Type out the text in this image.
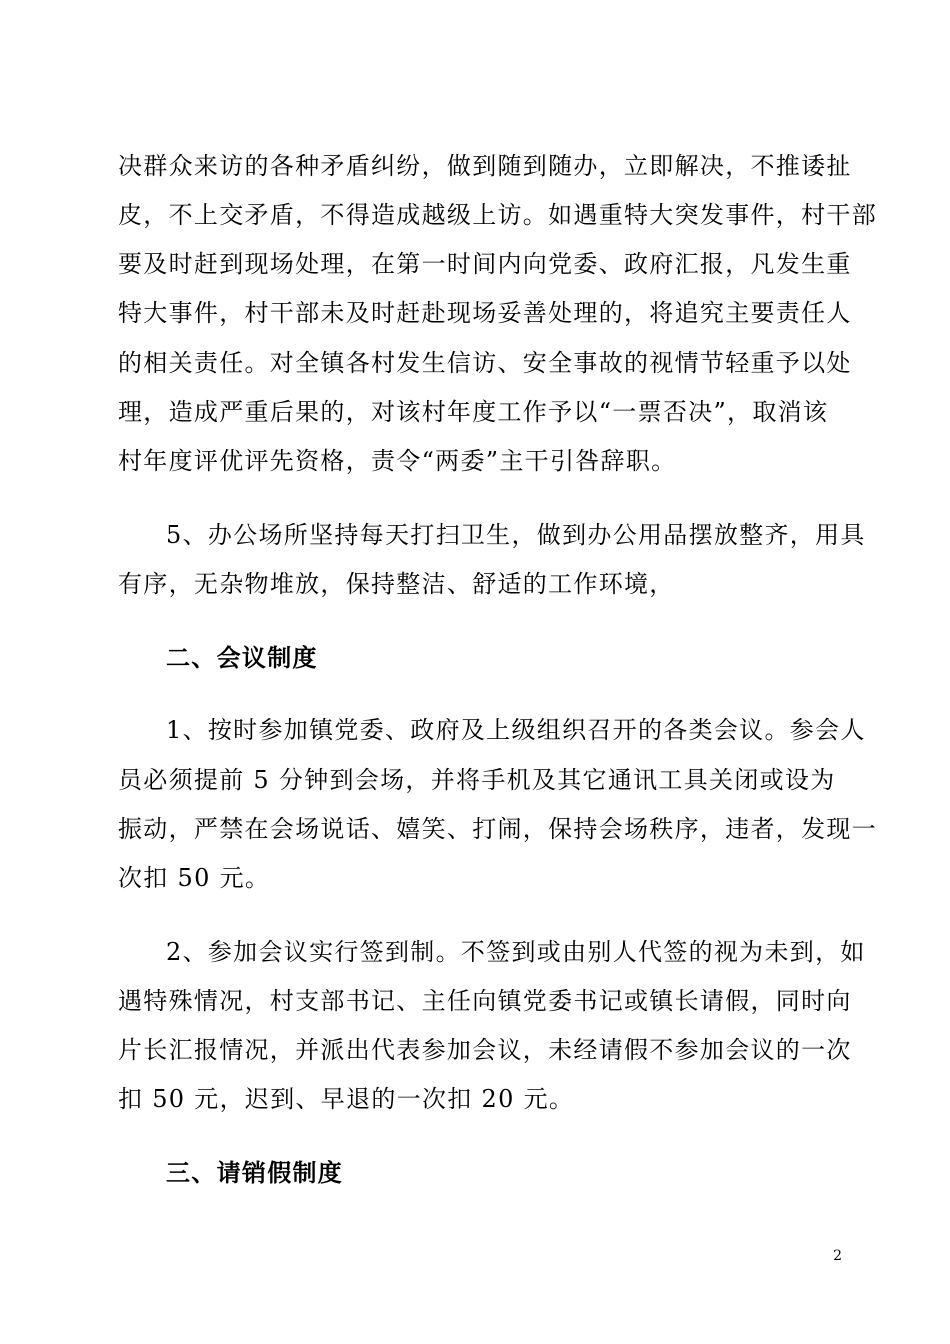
决群众来访的各种矛盾纠纷，做到随到随办，立即解决，不推诿扯
皮，不上交矛盾，不得造成越级上访。如遇重特大突发事件，村干部
要及时赶到现场处理，在第一时间内向党委、政府汇报，凡发生重
特大事件，村干部未及时赶赴现场妥善处理的，将追究主要责任人
的相关责任。对全镇各村发生信访、安全事故的视情节轻重予以处
理，造成严重后果的，对该村年度工作予以“一票否决”，取消该
村年度评优评先资格，责令“两委”主干引咎辞职。
5、办公场所坚持每天打扫卫生，做到办公用品摆放整齐，用具
有序，无杂物堆放，保持整洁、舒适的工作环境，
二、会议制度
1、按时参加镇党委、政府及上级组织召开的各类会议。参会人
员必须提前 5 分钟到会场，并将手机及其它通讯工具关闭或设为
振动，严禁在会场说话、嬉笑、打闹，保持会场秩序，违者，发现一
次扣 50 元。
2、参加会议实行签到制。不签到或由别人代签的视为未到，如
遇特殊情况，村支部书记、主任向镇党委书记或镇长请假，同时向
片长汇报情况，并派出代表参加会议，未经请假不参加会议的一次
扣 50 元，迟到、早退的一次扣 20 元。
三、请销假制度
2
